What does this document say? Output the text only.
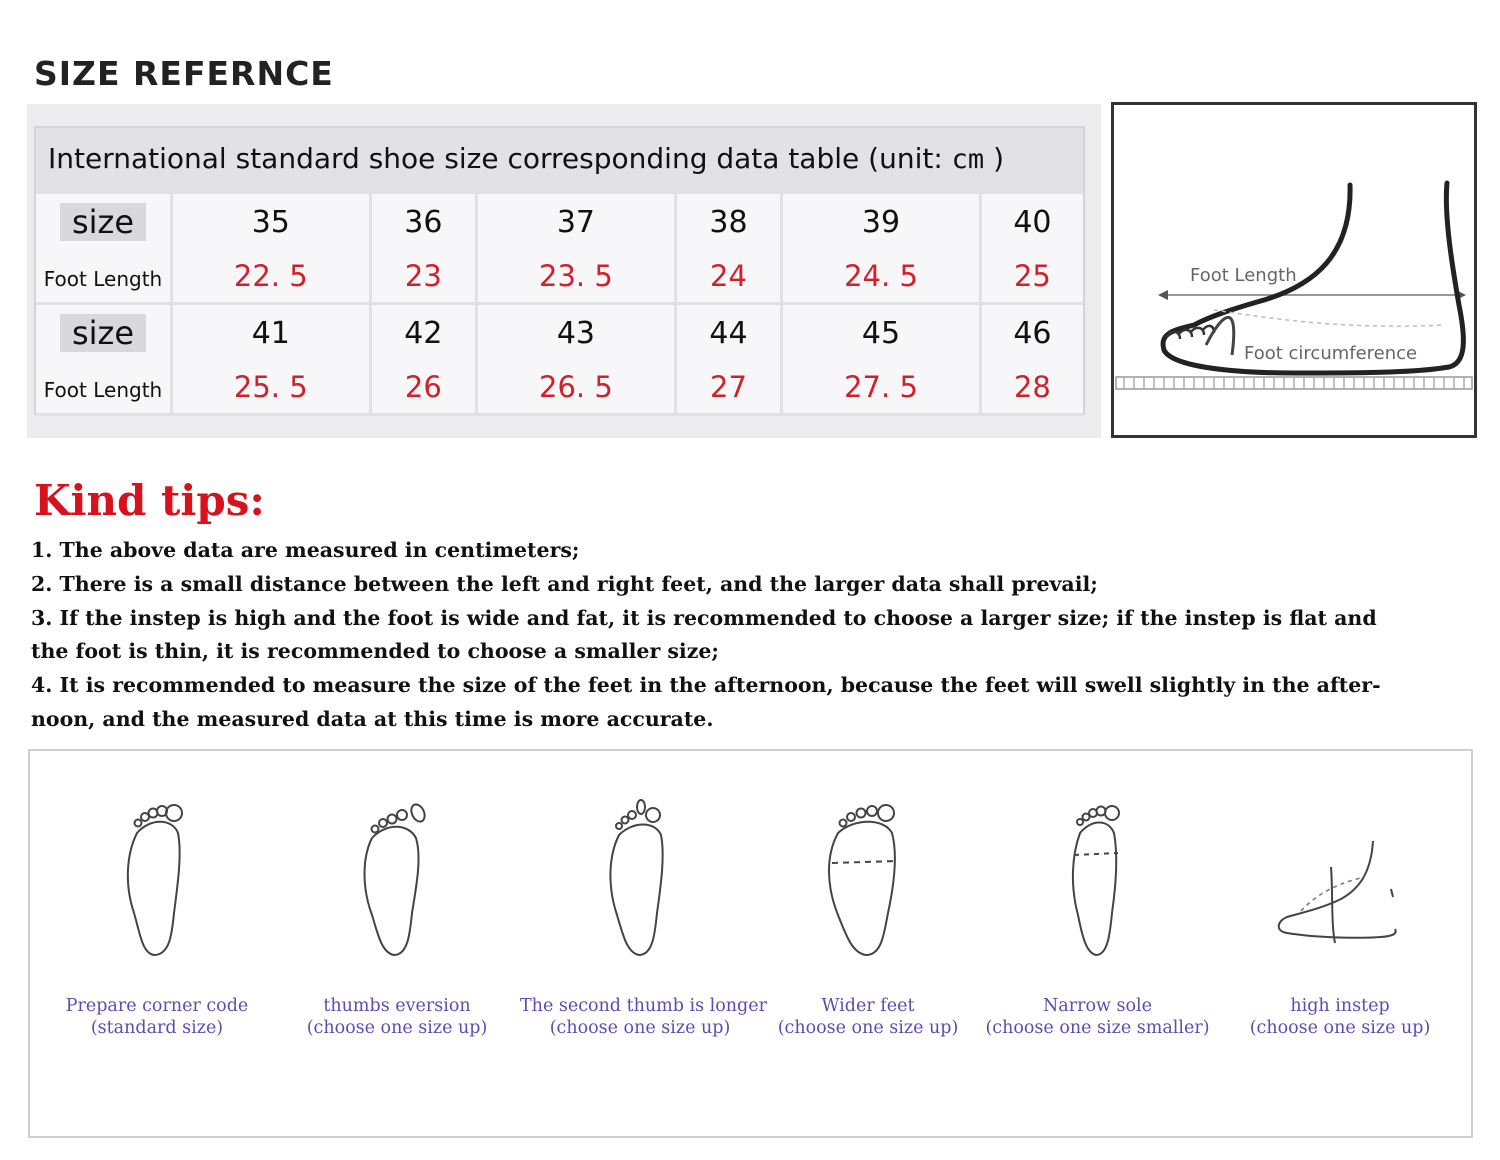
SIZE REFERNCE
International standard shoe size corresponding data table (unit: cm )
size	35	36	37	38	39	40
Foot Length	22. 5	23	23. 5	24	24. 5	25
size	41	42	43	44	45	46
Foot Length	25. 5	26	26. 5	27	27. 5	28
Foot Length
Foot circumference
Kind tips:

1. The above data are measured in centimeters;

2. There is a small distance between the left and right feet, and the larger data shall prevail;

3. If the instep is high and the foot is wide and fat, it is recommended to choose a larger size; if the instep is flat and

the foot is thin, it is recommended to choose a smaller size;

4. It is recommended to measure the size of the feet in the afternoon, because the feet will swell slightly in the after-

noon, and the measured data at this time is more accurate.

Prepare corner code
(standard size)
thumbs eversion
(choose one size up)
The second thumb is longer
(choose one size up)
Wider feet
(choose one size up)
Narrow sole
(choose one size smaller)
high instep
(choose one size up)
